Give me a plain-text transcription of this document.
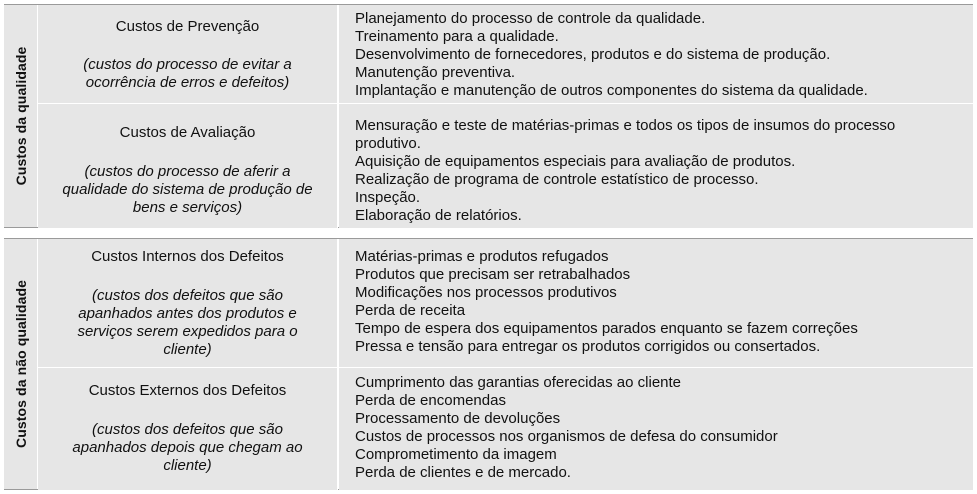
Custos da qualidade
Custos de Prevenção
(custos do processo de evitar a ocorrência de erros e defeitos)
Planejamento do processo de controle da qualidade.
Treinamento para a qualidade.
Desenvolvimento de fornecedores, produtos e do sistema de produção.
Manutenção preventiva.
Implantação e manutenção de outros componentes do sistema da qualidade.
Custos de Avaliação
(custos do processo de aferir a qualidade do sistema de produção de bens e serviços)
Mensuração e teste de matérias-primas e todos os tipos de insumos do processo produtivo.
Aquisição de equipamentos especiais para avaliação de produtos.
Realização de programa de controle estatístico de processo.
Inspeção.
Elaboração de relatórios.
Custos da não qualidade
Custos Internos dos Defeitos
(custos dos defeitos que são apanhados antes dos produtos e serviços serem expedidos para o cliente)
Matérias-primas e produtos refugados
Produtos que precisam ser retrabalhados
Modificações nos processos produtivos
Perda de receita
Tempo de espera dos equipamentos parados enquanto se fazem correções
Pressa e tensão para entregar os produtos corrigidos ou consertados.
Custos Externos dos Defeitos
(custos dos defeitos que são apanhados depois que chegam ao cliente)
Cumprimento das garantias oferecidas ao cliente
Perda de encomendas
Processamento de devoluções
Custos de processos nos organismos de defesa do consumidor
Comprometimento da imagem
Perda de clientes e de mercado.
